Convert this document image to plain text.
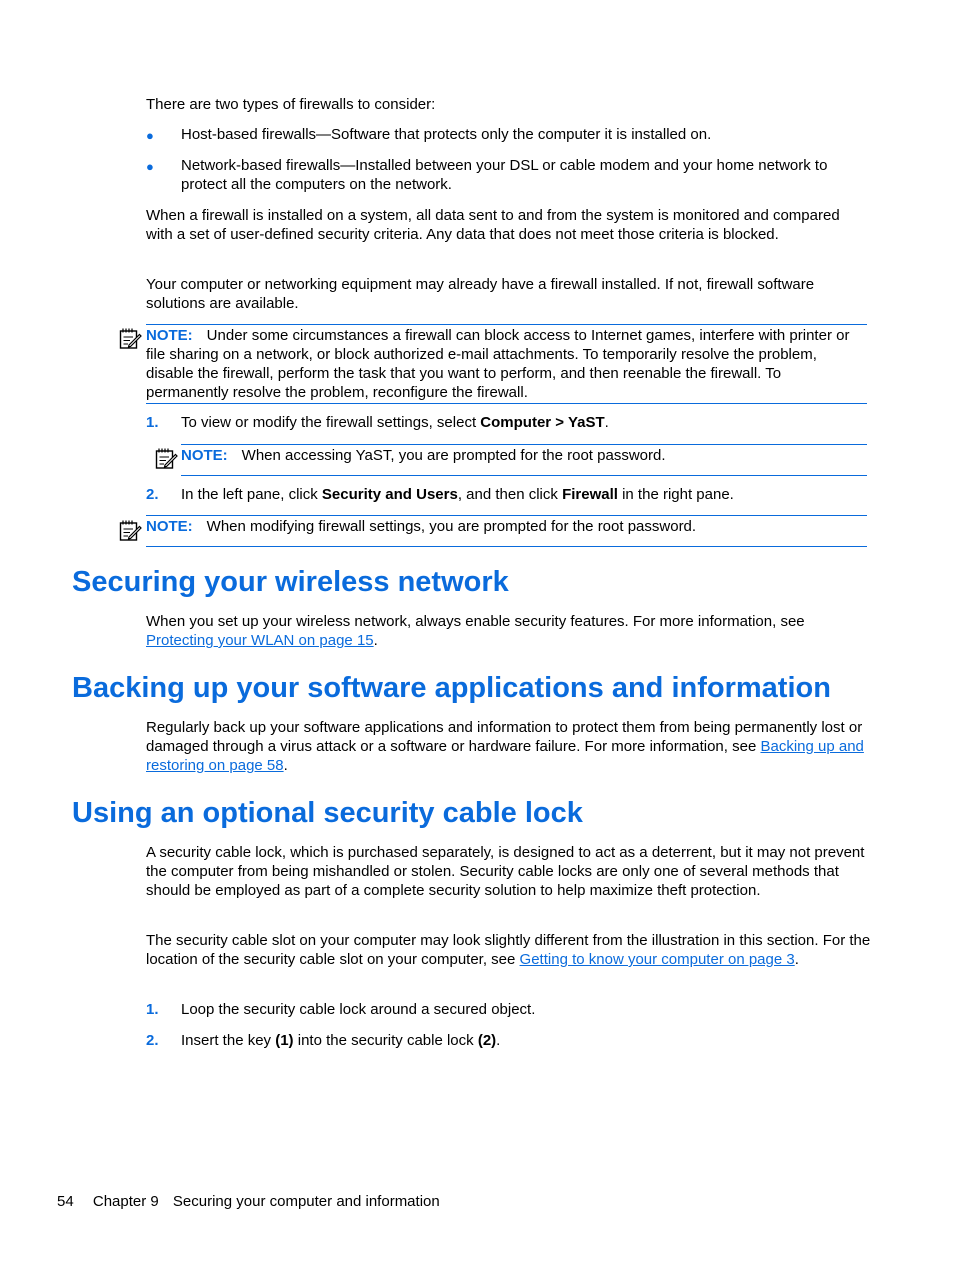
There are two types of firewalls to consider:

● Host-based firewalls—Software that protects only the computer it is installed on.

● Network-based firewalls—Installed between your DSL or cable modem and your home network to protect all the computers on the network.

When a firewall is installed on a system, all data sent to and from the system is monitored and compared with a set of user-defined security criteria. Any data that does not meet those criteria is blocked.

Your computer or networking equipment may already have a firewall installed. If not, firewall software solutions are available.

NOTE: Under some circumstances a firewall can block access to Internet games, interfere with printer or file sharing on a network, or block authorized e-mail attachments. To temporarily resolve the problem, disable the firewall, perform the task that you want to perform, and then reenable the firewall. To permanently resolve the problem, reconfigure the firewall.
1. To view or modify the firewall settings, select Computer > YaST.

NOTE: When accessing YaST, you are prompted for the root password.
2. In the left pane, click Security and Users, and then click Firewall in the right pane.

NOTE: When modifying firewall settings, you are prompted for the root password.
Securing your wireless network

When you set up your wireless network, always enable security features. For more information, see Protecting your WLAN on page 15.

Backing up your software applications and information

Regularly back up your software applications and information to protect them from being permanently lost or damaged through a virus attack or a software or hardware failure. For more information, see Backing up and restoring on page 58.

Using an optional security cable lock

A security cable lock, which is purchased separately, is designed to act as a deterrent, but it may not prevent the computer from being mishandled or stolen. Security cable locks are only one of several methods that should be employed as part of a complete security solution to help maximize theft protection.

The security cable slot on your computer may look slightly different from the illustration in this section. For the location of the security cable slot on your computer, see Getting to know your computer on page 3.

1. Loop the security cable lock around a secured object.

2. Insert the key (1) into the security cable lock (2).

54 Chapter 9 Securing your computer and information
